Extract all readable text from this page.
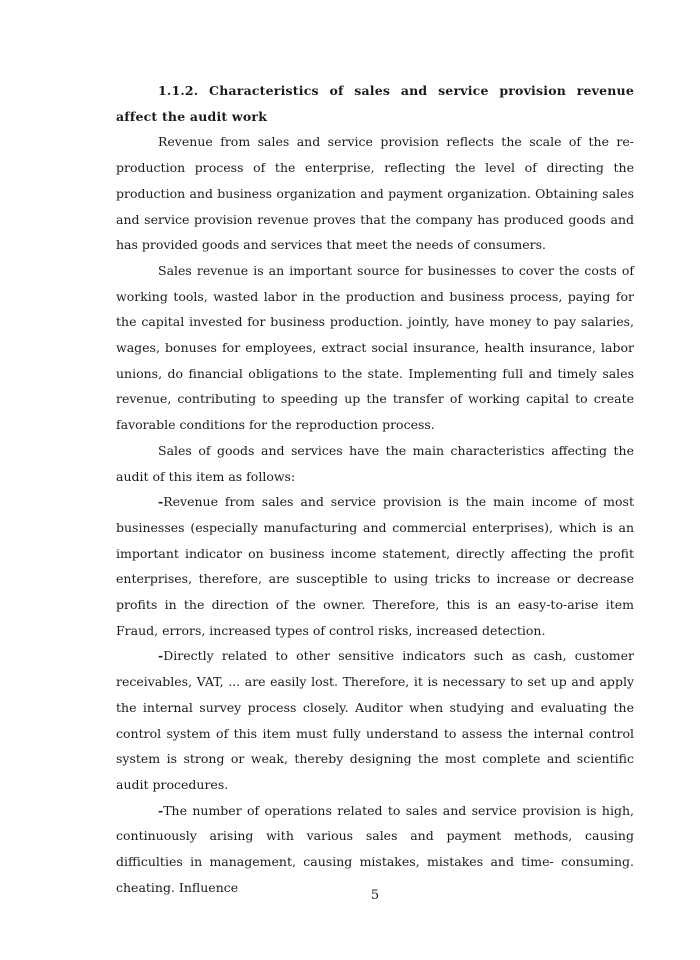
1.1.2. Characteristics of sales and service provision revenue affect the audit work

Revenue from sales and service provision reflects the scale of the re-production process of the enterprise, reflecting the level of directing the production and business organization and payment organization. Obtaining sales and service provision revenue proves that the company has produced goods and has provided goods and services that meet the needs of consumers.

Sales revenue is an important source for businesses to cover the costs of working tools, wasted labor in the production and business process, paying for the capital invested for business production. jointly, have money to pay salaries, wages, bonuses for employees, extract social insurance, health insurance, labor unions, do financial obligations to the state. Implementing full and timely sales revenue, contributing to speeding up the transfer of working capital to create favorable conditions for the reproduction process.

Sales of goods and services have the main characteristics affecting the audit of this item as follows:

-Revenue from sales and service provision is the main income of most businesses (especially manufacturing and commercial enterprises), which is an important indicator on business income statement, directly affecting the profit enterprises, therefore, are susceptible to using tricks to increase or decrease profits in the direction of the owner. Therefore, this is an easy-to-arise item Fraud, errors, increased types of control risks, increased detection.

-Directly related to other sensitive indicators such as cash, customer receivables, VAT, ... are easily lost. Therefore, it is necessary to set up and apply the internal survey process closely. Auditor when studying and evaluating the control system of this item must fully understand to assess the internal control system is strong or weak, thereby designing the most complete and scientific audit procedures.

-The number of operations related to sales and service provision is high, continuously arising with various sales and payment methods, causing difficulties in management, causing mistakes, mistakes and time- consuming. cheating. Influence

5
